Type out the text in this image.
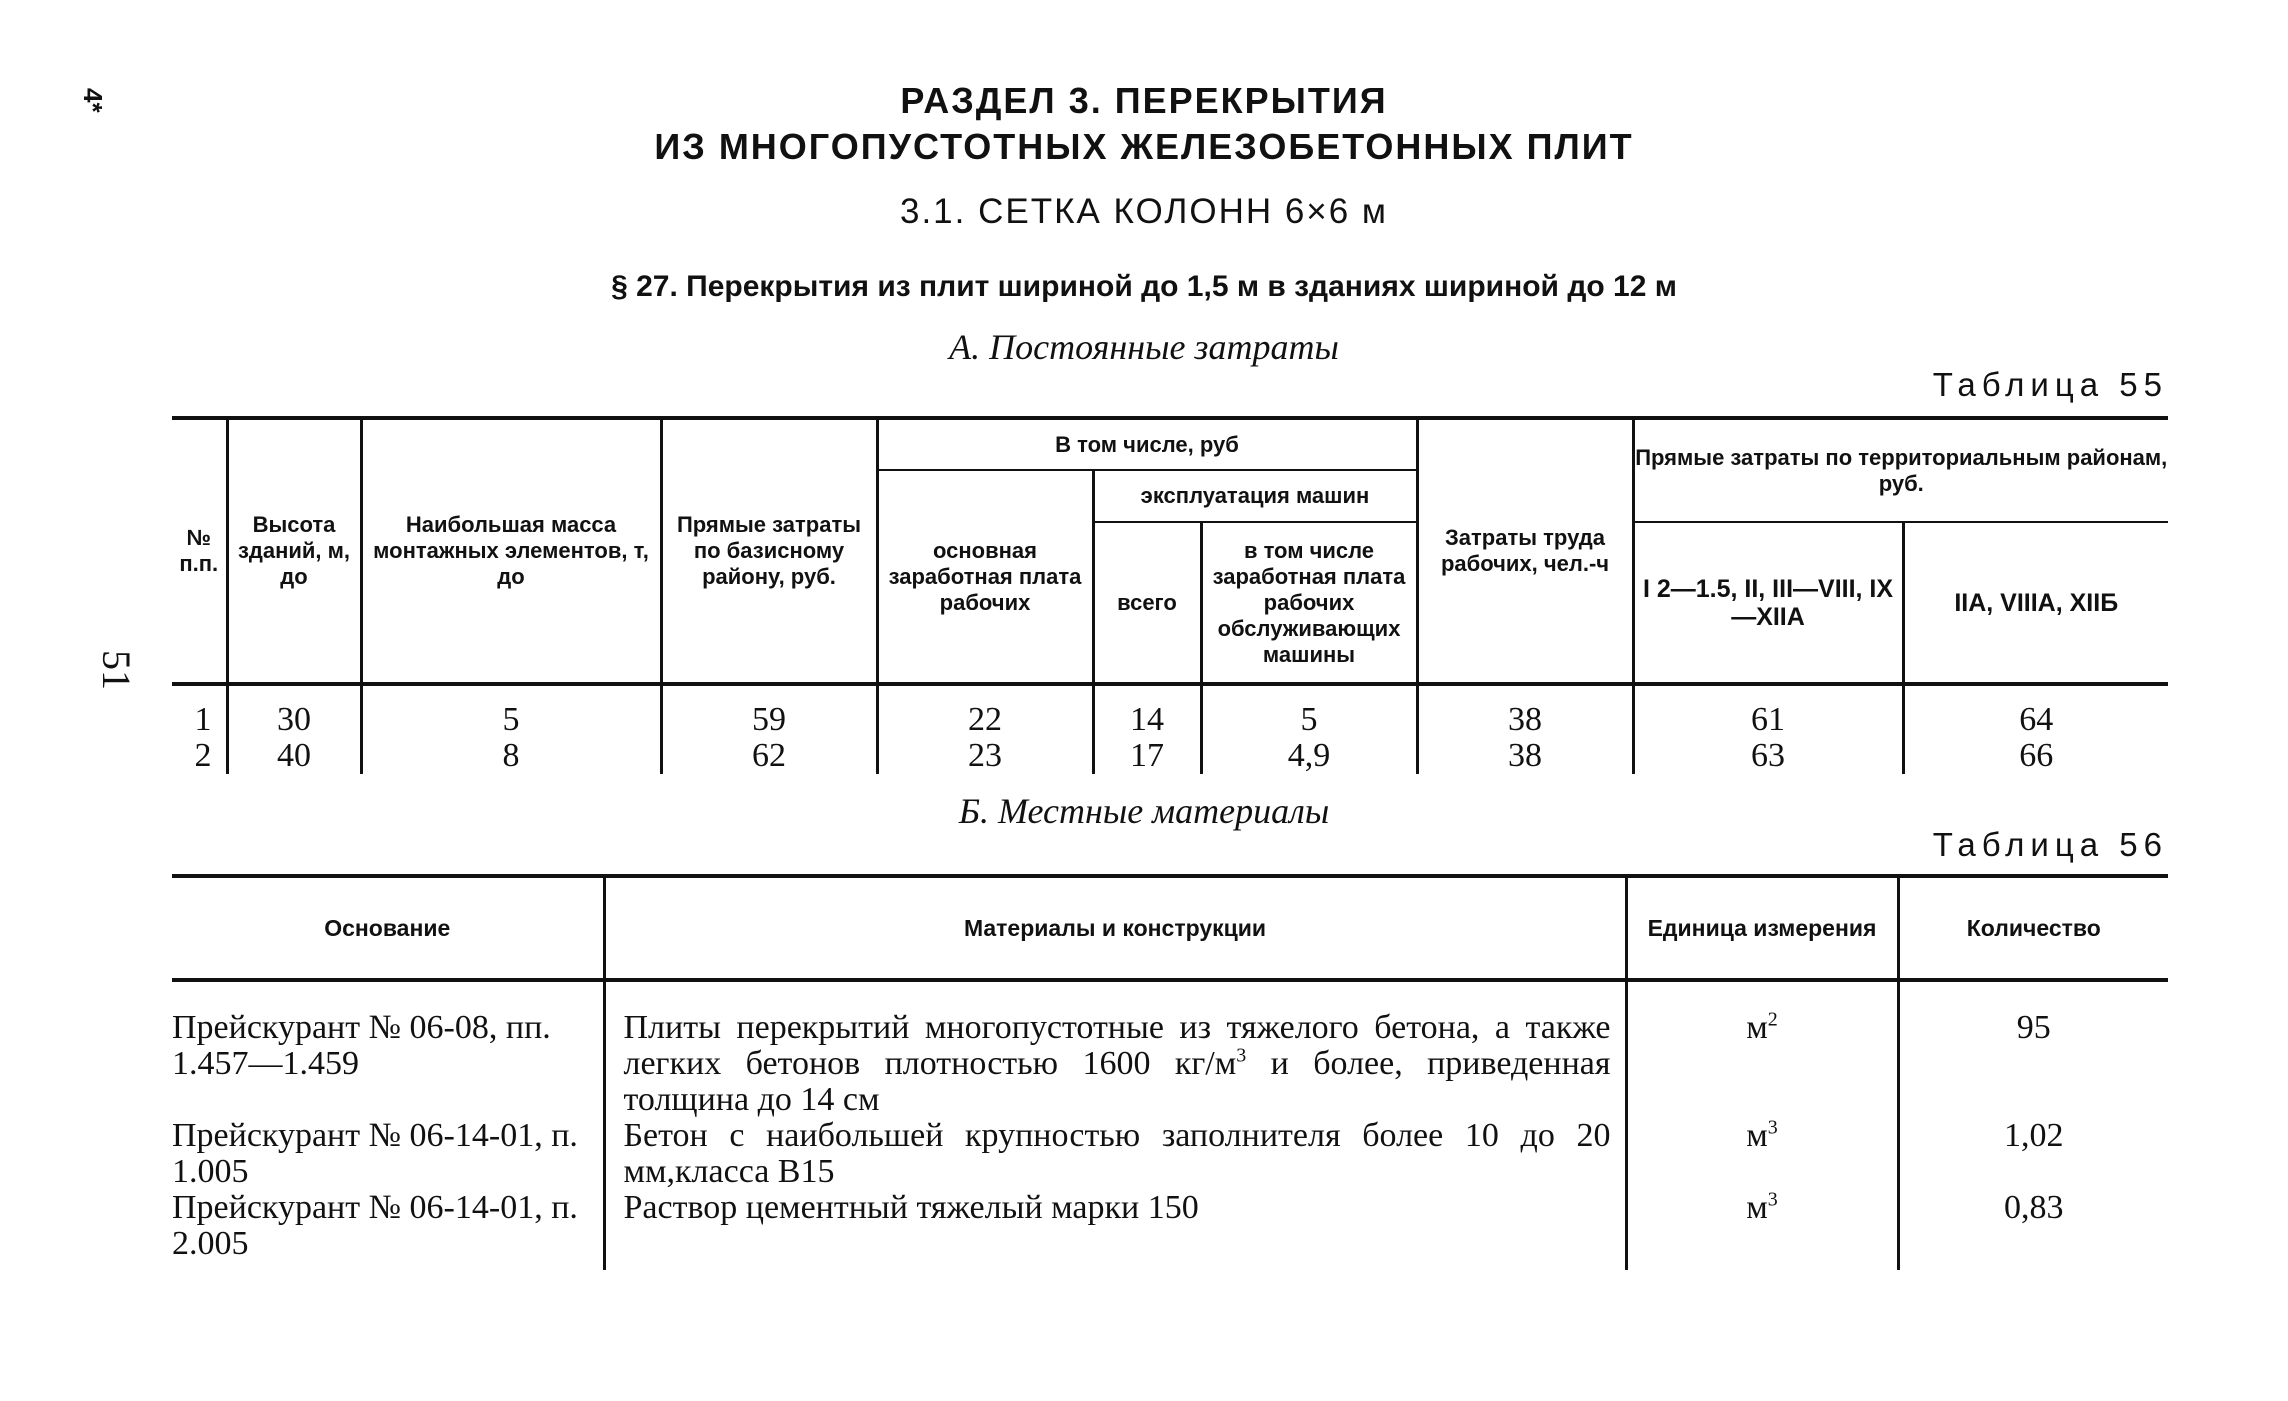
4*
51
РАЗДЕЛ 3. ПЕРЕКРЫТИЯ
ИЗ МНОГОПУСТОТНЫХ ЖЕЛЕЗОБЕТОННЫХ ПЛИТ
3.1. СЕТКА КОЛОНН 6×6 м
§ 27. Перекрытия из плит шириной до 1,5 м в зданиях шириной до 12 м
А. Постоянные затраты
Таблица 55
№ п.п.	Высота зданий, м, до	Наибольшая масса монтажных элементов, т, до	Прямые затраты по базисному району, руб.	В том числе, руб			Затраты труда рабочих, чел.-ч	Прямые затраты по территориальным районам, руб.	
				основная заработная плата рабочих	эксплуатация машин				
					всего	в том числе заработная плата рабочих обслуживающих машины		I 2—1.5, II, III—VIII, IX—XIIA	IIA, VIIIA, XIIБ
1	30	5	59	22	14	5	38	61	64
2	40	8	62	23	17	4,9	38	63	66
Б. Местные материалы
Таблица 56
Основание	Материалы и конструкции	Единица измерения	Количество
Прейскурант № 06-08, пп. 1.457—1.459	Плиты перекрытий многопустотные из тяжелого бетона, а также легких бетонов плотностью 1600 $кг/м^3$ и более, приведенная толщина до 14 см	$м^2$	95
Прейскурант № 06-14-01, п. 1.005	Бетон с наибольшей крупностью заполнителя более 10 до 20 мм,класса В15	$м^3$	1,02
Прейскурант № 06-14-01, п. 2.005	Раствор цементный тяжелый марки 150	$м^3$	0,83
